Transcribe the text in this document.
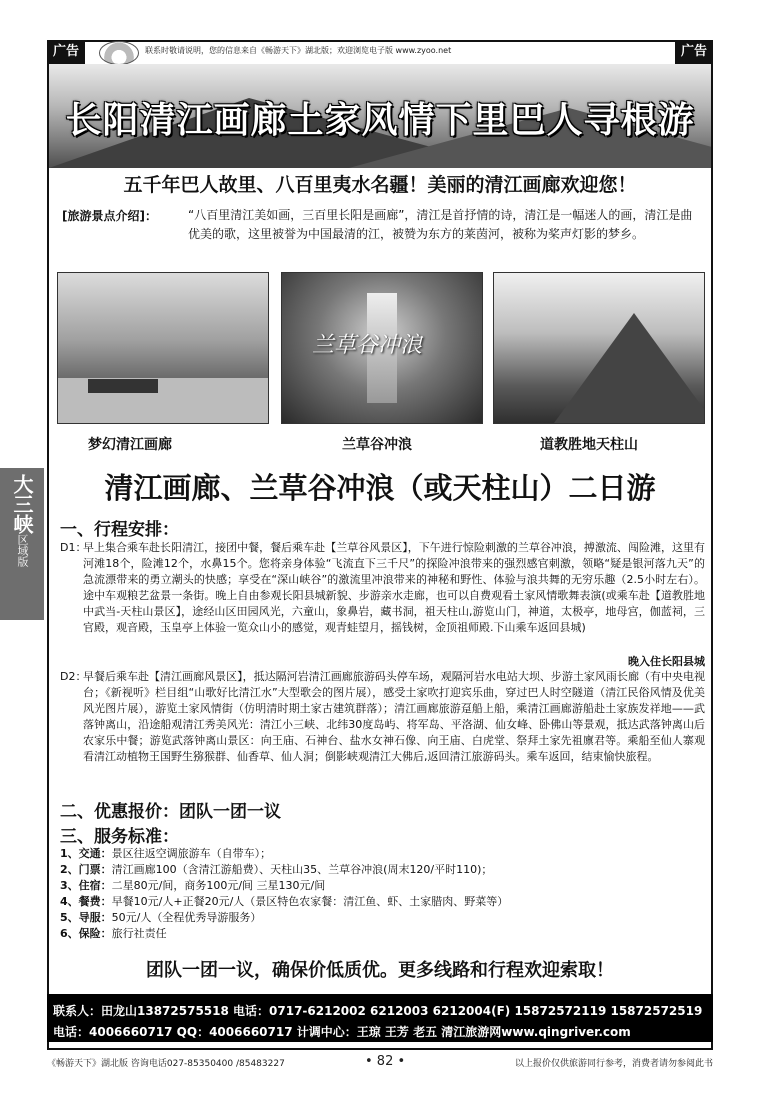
广告	联系时敬请说明，您的信息来自《畅游天下》湖北版；欢迎浏览电子版 www.zyoo.net	广告
长阳清江画廊土家风情下里巴人寻根游
五千年巴人故里、八百里夷水名疆！美丽的清江画廊欢迎您！
[旅游景点介绍]：	“八百里清江美如画，三百里长阳是画廊”，清江是首抒情的诗，清江是一幅迷人的画，清江是曲优美的歌，这里被誉为中国最清的江，被赞为东方的莱茵河，被称为桨声灯影的梦乡。

兰草谷冲浪
梦幻清江画廊	兰草谷冲浪	道教胜地天柱山
大三峡
区域版
清江画廊、兰草谷冲浪（或天柱山）二日游
一、行程安排：
D1：

早上集合乘车赴长阳清江，接团中餐，餐后乘车赴【兰草谷风景区】，下午进行惊险刺激的兰草谷冲浪，搏激流、闯险滩，这里有河滩18个，险滩12个，水鼻15个。您将亲身体验“飞流直下三千尺”的探险冲浪带来的强烈感官刺激，领略“疑是银河落九天”的急流漂带来的勇立潮头的快感；享受在“深山峡谷”的激流里冲浪带来的神秘和野性、体验与浪共舞的无穷乐趣（2.5小时左右）。途中车观粮艺盆景一条街。晚上自由参观长阳县城新貌、步游亲水走廊，也可以自费观看土家风情歌舞表演(或乘车赴【道教胜地中武当-天柱山景区】，途经山区田园风光，六童山，象鼻岩，藏书洞，祖天柱山,游览山门，神道，太极亭，地母宫，伽蓝祠，三官殿，观音殿，玉皇亭上体验一览众山小的感觉，观青蛙望月，摇钱树，金顶祖师殿.下山乘车返回县城)

晚入住长阳县城
D2：

早餐后乘车赴【清江画廊风景区】，抵达隔河岩清江画廊旅游码头停车场，观隔河岩水电站大坝、步游土家风雨长廊（有中央电视台；《新视听》栏目组“山歌好比清江水”大型歌会的图片展），感受土家吹打迎宾乐曲，穿过巴人时空隧道（清江民俗风情及优美风光图片展），游览土家风情街（仿明清时期土家古建筑群落）；清江画廊旅游趸船上船，乘清江画廊游船赴土家族发祥地——武落钟离山，沿途船观清江秀美风光：清江小三峡、北纬30度岛屿、将军岛、平洛湖、仙女峰、卧佛山等景观，抵达武落钟离山后农家乐中餐；游览武落钟离山景区：向王庙、石神台、盐水女神石像、向王庙、白虎堂、祭拜土家先祖廪君等。乘船至仙人寨观看清江动植物王国野生猕猴群、仙香草、仙人洞；倒影峡观清江大佛后,返回清江旅游码头。乘车返回，结束愉快旅程。

二、优惠报价：团队一团一议
三、服务标准：
1、交通：景区往返空调旅游车（自带车）；
2、门票：清江画廊100（含清江游船费）、天柱山35、兰草谷冲浪(周末120/平时110)；
3、住宿：二星80元/间，商务100元/间 三星130元/间
4、餐费：早餐10元/人+正餐20元/人（景区特色农家餐：清江鱼、虾、土家腊肉、野菜等）
5、导服：50元/人（全程优秀导游服务）
6、保险：旅行社责任
团队一团一议，确保价低质优。更多线路和行程欢迎索取！
联系人：田龙山13872575518 电话：0717-6212002 6212003 6212004(F) 15872572119 15872572519
电话：4006660717 QQ：4006660717 计调中心：王琼 王芳 老五 清江旅游网www.qingriver.com
《畅游天下》湖北版 咨询电话027-85350400 /85483227	• 82 •	以上报价仅供旅游同行参考，消费者请勿参阅此书
